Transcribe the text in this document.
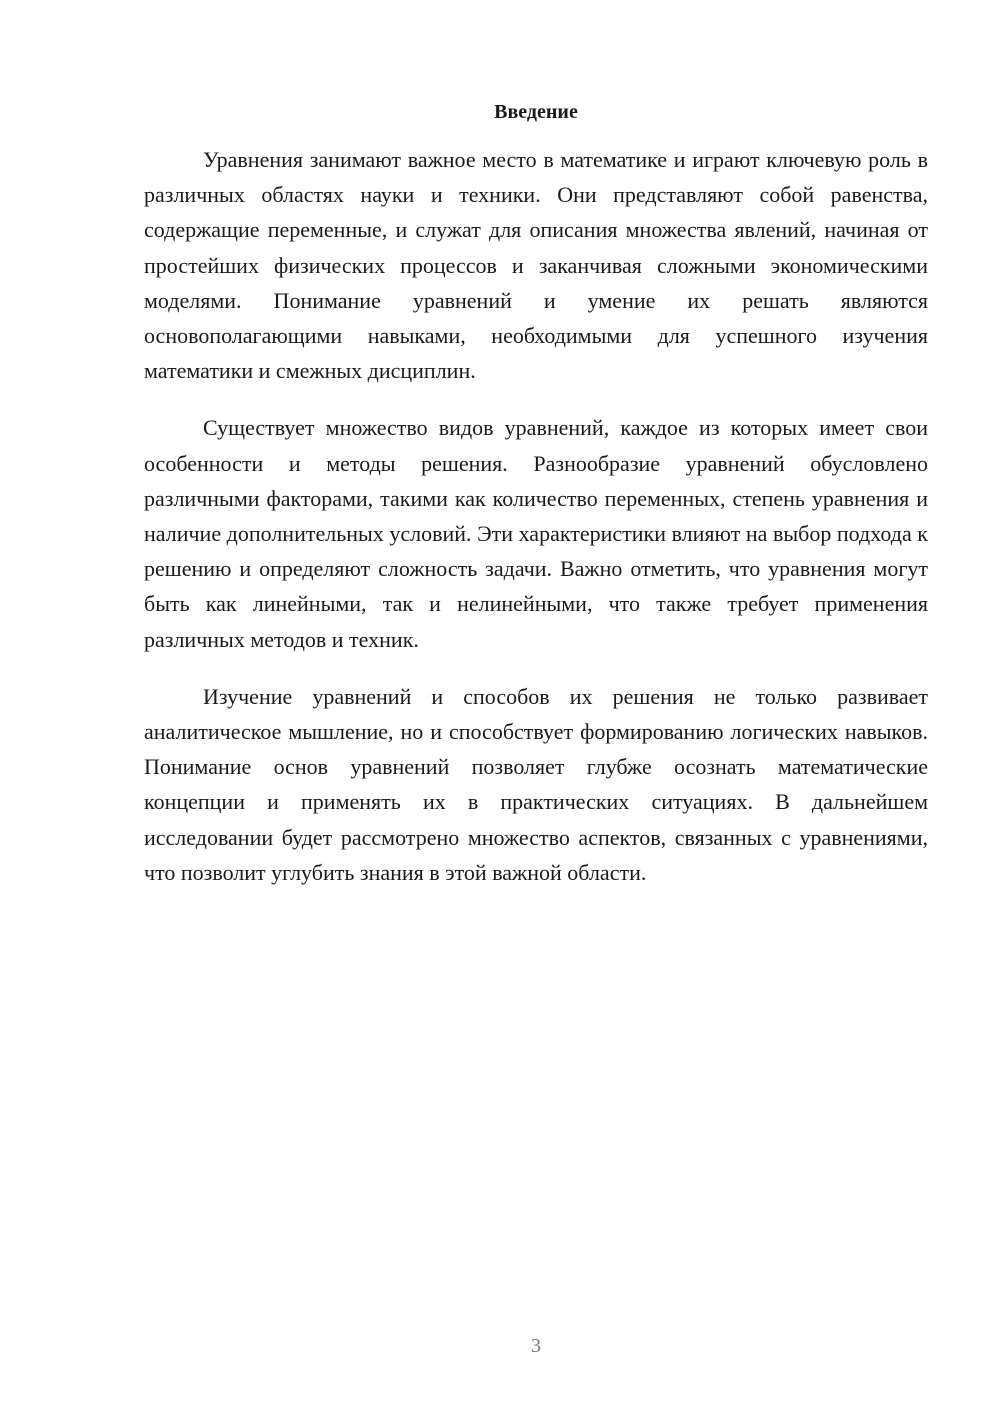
Введение

Уравнения занимают важное место в математике и играют ключевую роль в различных областях науки и техники. Они представляют собой равенства, содержащие переменные, и служат для описания множества явлений, начиная от простейших физических процессов и заканчивая сложными экономическими моделями. Понимание уравнений и умение их решать являются основополагающими навыками, необходимыми для успешного изучения математики и смежных дисциплин.

Существует множество видов уравнений, каждое из которых имеет свои особенности и методы решения. Разнообразие уравнений обусловлено различными факторами, такими как количество переменных, степень уравнения и наличие дополнительных условий. Эти характеристики влияют на выбор подхода к решению и определяют сложность задачи. Важно отметить, что уравнения могут быть как линейными, так и нелинейными, что также требует применения различных методов и техник.

Изучение уравнений и способов их решения не только развивает аналитическое мышление, но и способствует формированию логических навыков. Понимание основ уравнений позволяет глубже осознать математические концепции и применять их в практических ситуациях. В дальнейшем исследовании будет рассмотрено множество аспектов, связанных с уравнениями, что позволит углубить знания в этой важной области.

3
